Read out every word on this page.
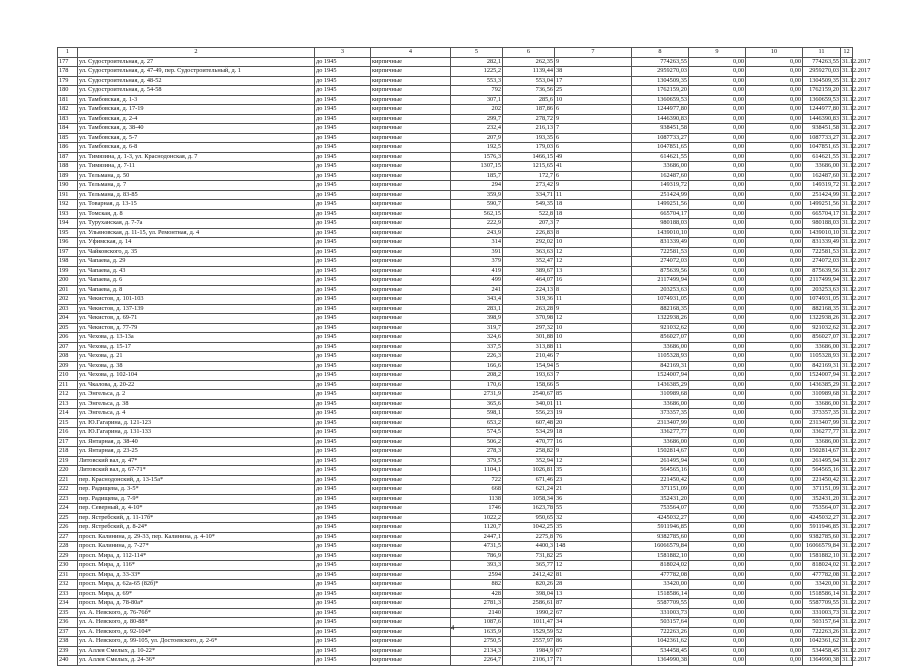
1	2	3	4	5	6	7	8	9	10	11	12
177	ул. Судостроительная, д. 27	до 1945	кирпичные	282,1	262,35	9	774263,55	0,00	0,00	774263,55	31.12.2017
178	ул. Судостроительная, д. 47-49, пер. Судостроительный, д. 1	до 1945	кирпичные	1225,2	1139,44	38	2959270,03	0,00	0,00	2959270,03	31.12.2017
179	ул. Судостроительная, д. 48-52	до 1945	кирпичные	553,3	553,04	17	1304509,35	0,00	0,00	1304509,35	31.12.2017
180	ул. Судостроительная, д. 54-58	до 1945	кирпичные	792	736,56	25	1762159,20	0,00	0,00	1762159,20	31.12.2017
181	ул. Тамбовская, д. 1-3	до 1945	кирпичные	307,1	285,6	10	1360659,53	0,00	0,00	1360659,53	31.12.2017
182	ул. Тамбовская, д. 17-19	до 1945	кирпичные	202	187,86	6	1244977,80	0,00	0,00	1244977,80	31.12.2017
183	ул. Тамбовская, д. 2-4	до 1945	кирпичные	299,7	278,72	9	1446390,83	0,00	0,00	1446390,83	31.12.2017
184	ул. Тамбовская, д. 38-40	до 1945	кирпичные	232,4	216,13	7	938451,58	0,00	0,00	938451,58	31.12.2017
185	ул. Тамбовская, д. 5-7	до 1945	кирпичные	207,9	193,35	6	1087733,27	0,00	0,00	1087733,27	31.12.2017
186	ул. Тамбовская, д. 6-8	до 1945	кирпичные	192,5	179,03	6	1047851,65	0,00	0,00	1047851,65	31.12.2017
187	ул. Тимязина, д. 1-3, ул. Краснодонская, д. 7	до 1945	кирпичные	1576,3	1466,15	49	614621,55	0,00	0,00	614621,55	31.12.2017
188	ул. Тимязина, д. 7-11	до 1945	кирпичные	1307,15	1215,65	41	33686,00	0,00	0,00	33686,00	31.12.2017
189	ул. Тельмана, д. 50	до 1945	кирпичные	185,7	172,7	6	162487,60	0,00	0,00	162487,60	31.12.2017
190	ул. Тельмана, д. 7	до 1945	кирпичные	294	273,42	9	149319,72	0,00	0,00	149319,72	31.12.2017
191	ул. Тельмана, д. 83-85	до 1945	кирпичные	359,9	334,71	11	251424,99	0,00	0,00	251424,99	31.12.2017
192	ул. Товарная, д. 13-15	до 1945	кирпичные	590,7	549,35	18	1499251,56	0,00	0,00	1499251,56	31.12.2017
193	ул. Томская, д. 8	до 1945	кирпичные	562,15	522,8	18	665704,17	0,00	0,00	665704,17	31.12.2017
194	ул. Туруханская, д. 7-7а	до 1945	кирпичные	222,9	207,3	7	980188,03	0,00	0,00	980188,03	31.12.2017
195	ул. Ульяновская, д. 11-15, ул. Ремонтная, д. 4	до 1945	кирпичные	243,9	226,83	8	1439010,10	0,00	0,00	1439010,10	31.12.2017
196	ул. Уфимская, д. 14	до 1945	кирпичные	314	292,02	10	831339,49	0,00	0,00	831339,49	31.12.2017
197	ул. Чайковского, д. 35	до 1945	кирпичные	391	363,63	12	722581,53	0,00	0,00	722581,53	31.12.2017
198	ул. Чапаева, д. 29	до 1945	кирпичные	379	352,47	12	274072,03	0,00	0,00	274072,03	31.12.2017
199	ул. Чапаева, д. 43	до 1945	кирпичные	419	389,67	13	875639,56	0,00	0,00	875639,56	31.12.2017
200	ул. Чапаева, д. 6	до 1945	кирпичные	499	464,07	16	2117499,94	0,00	0,00	2117499,94	31.12.2017
201	ул. Чапаева, д. 8	до 1945	кирпичные	241	224,13	8	203253,63	0,00	0,00	203253,63	31.12.2017
202	ул. Чекистов, д. 101-103	до 1945	кирпичные	343,4	319,36	11	1074931,05	0,00	0,00	1074931,05	31.12.2017
203	ул. Чекистов, д. 137-139	до 1945	кирпичные	283,1	263,28	9	882168,35	0,00	0,00	882168,35	31.12.2017
204	ул. Чекистов, д. 69-71	до 1945	кирпичные	398,9	370,98	12	1322938,26	0,00	0,00	1322938,26	31.12.2017
205	ул. Чекистов, д. 77-79	до 1945	кирпичные	319,7	297,32	10	921032,62	0,00	0,00	921032,62	31.12.2017
206	ул. Чехова, д. 13-13а	до 1945	кирпичные	324,6	301,88	10	856027,07	0,00	0,00	856027,07	31.12.2017
207	ул. Чехова, д. 15-17	до 1945	кирпичные	337,5	313,88	11	33686,00	0,00	0,00	33686,00	31.12.2017
208	ул. Чехова, д. 21	до 1945	кирпичные	226,3	210,46	7	1105328,93	0,00	0,00	1105328,93	31.12.2017
209	ул. Чехова, д. 38	до 1945	кирпичные	166,6	154,94	5	842169,31	0,00	0,00	842169,31	31.12.2017
210	ул. Чехова, д. 102-104	до 1945	кирпичные	208,2	193,63	7	1524007,94	0,00	0,00	1524007,94	31.12.2017
211	ул. Чкалова, д. 20-22	до 1945	кирпичные	170,6	158,66	5	1436385,29	0,00	0,00	1436385,29	31.12.2017
212	ул. Энгельса, д. 2	до 1945	кирпичные	2731,9	2540,67	85	310989,68	0,00	0,00	310989,68	31.12.2017
213	ул. Энгельса, д. 38	до 1945	кирпичные	365,6	340,01	11	33686,00	0,00	0,00	33686,00	31.12.2017
214	ул. Энгельса, д. 4	до 1945	кирпичные	598,1	556,23	19	373357,35	0,00	0,00	373357,35	31.12.2017
215	ул. Ю.Гагарина, д. 121-123	до 1945	кирпичные	653,2	607,48	20	2313407,99	0,00	0,00	2313407,99	31.12.2017
216	ул. Ю.Гагарина, д. 131-133	до 1945	кирпичные	574,5	534,29	18	336277,77	0,00	0,00	336277,77	31.12.2017
217	ул. Янтарная, д. 38-40	до 1945	кирпичные	506,2	470,77	16	33686,00	0,00	0,00	33686,00	31.12.2017
218	ул. Янтарная, д. 23-25	до 1945	кирпичные	278,3	258,82	9	1502814,67	0,00	0,00	1502814,67	31.12.2017
219	Литовский вал, д. 47*	до 1945	кирпичные	379,5	352,94	12	261495,94	0,00	0,00	261495,94	31.12.2017
220	Литовский вал, д. 67-71*	до 1945	кирпичные	1104,1	1026,81	35	564565,16	0,00	0,00	564565,16	31.12.2017
221	пер. Краснодонский, д. 13-15а*	до 1945	кирпичные	722	671,46	23	221450,42	0,00	0,00	221450,42	31.12.2017
222	пер. Радищева, д. 3-5*	до 1945	кирпичные	668	621,24	21	371151,09	0,00	0,00	371151,09	31.12.2017
223	пер. Радищева, д. 7-9*	до 1945	кирпичные	1138	1058,34	36	352431,20	0,00	0,00	352431,20	31.12.2017
224	пер. Северный, д. 4-10*	до 1945	кирпичные	1746	1623,78	55	753564,07	0,00	0,00	753564,07	31.12.2017
225	пер. Ястребский, д. 11-17б*	до 1945	кирпичные	1022,2	950,65	32	4245032,27	0,00	0,00	4245032,27	31.12.2017
226	пер. Ястребский, д. 8-24*	до 1945	кирпичные	1120,7	1042,25	35	5911946,85	0,00	0,00	5911946,85	31.12.2017
227	просп. Калинина, д. 29-33, пер. Калинина, д. 4-10*	до 1945	кирпичные	2447,1	2275,8	76	9382785,60	0,00	0,00	9382785,60	31.12.2017
228	просп. Калинина, д. 7-27*	до 1945	кирпичные	4731,5	4400,3	148	16066579,84	0,00	0,00	16066579,84	31.12.2017
229	просп. Мира, д. 112-114*	до 1945	кирпичные	786,9	731,82	25	1581882,10	0,00	0,00	1581882,10	31.12.2017
230	просп. Мира, д. 116*	до 1945	кирпичные	393,3	365,77	12	818024,02	0,00	0,00	818024,02	31.12.2017
231	просп. Мира, д. 33-33*	до 1945	кирпичные	2594	2412,42	81	477782,08	0,00	0,00	477782,08	31.12.2017
232	просп. Мира, д. 62а-65 (82б)*	до 1945	кирпичные	882	820,26	28	33420,00	0,00	0,00	33420,00	31.12.2017
233	просп. Мира, д. 69*	до 1945	кирпичные	428	398,04	13	1518586,14	0,00	0,00	1518586,14	31.12.2017
234	просп. Мира, д. 78-80а*	до 1945	кирпичные	2781,3	2586,61	87	5587709,55	0,00	0,00	5587709,55	31.12.2017
235	ул. А. Невского, д. 76-76б*	до 1945	кирпичные	2140	1990,2	67	331003,73	0,00	0,00	331003,73	31.12.2017
236	ул. А. Невского, д. 80-88*	до 1945	кирпичные	1087,6	1011,47	34	503157,64	0,00	0,00	503157,64	31.12.2017
237	ул. А. Невского, д. 92-104*	до 1945	кирпичные	1635,9	1529,59	52	722263,26	0,00	0,00	722263,26	31.12.2017
238	ул. А. Невского, д. 99-105, ул. Достоевского, д. 2-6*	до 1945	кирпичные	2750,5	2557,97	86	1042361,62	0,00	0,00	1042361,62	31.12.2017
239	ул. Аллея Смелых, д. 10-22*	до 1945	кирпичные	2134,3	1984,9	67	534458,45	0,00	0,00	534458,45	31.12.2017
240	ул. Аллея Смелых, д. 24-36*	до 1945	кирпичные	2264,7	2106,17	71	1364990,38	0,00	0,00	1364990,38	31.12.2017
4
